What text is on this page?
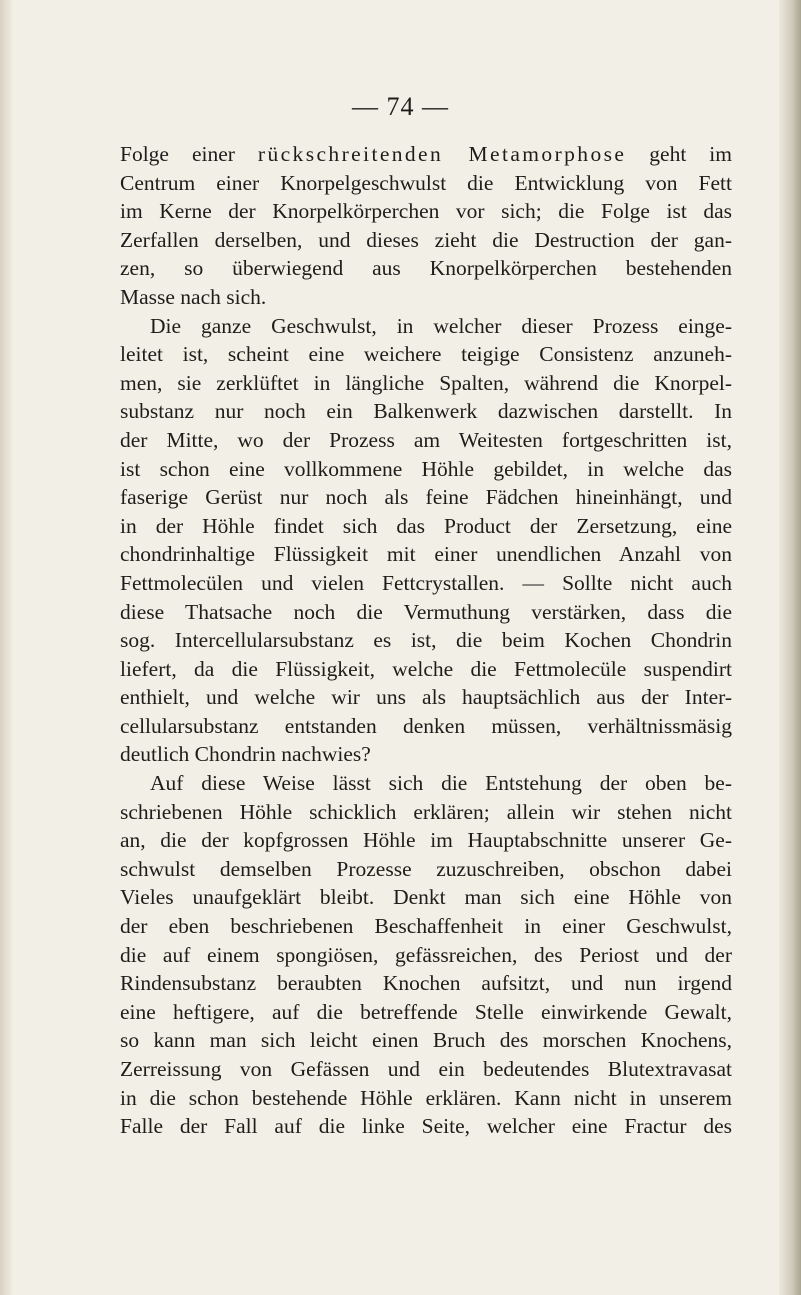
— 74 —
Folge einer rückschreitenden Metamorphose geht im
Centrum einer Knorpelgeschwulst die Entwicklung von Fett
im Kerne der Knorpelkörperchen vor sich; die Folge ist das
Zerfallen derselben, und dieses zieht die Destruction der gan-
zen, so überwiegend aus Knorpelkörperchen bestehenden
Masse nach sich.
Die ganze Geschwulst, in welcher dieser Prozess einge-
leitet ist, scheint eine weichere teigige Consistenz anzuneh-
men, sie zerklüftet in längliche Spalten, während die Knorpel-
substanz nur noch ein Balkenwerk dazwischen darstellt. In
der Mitte, wo der Prozess am Weitesten fortgeschritten ist,
ist schon eine vollkommene Höhle gebildet, in welche das
faserige Gerüst nur noch als feine Fädchen hineinhängt, und
in der Höhle findet sich das Product der Zersetzung, eine
chondrinhaltige Flüssigkeit mit einer unendlichen Anzahl von
Fettmolecülen und vielen Fettcrystallen. — Sollte nicht auch
diese Thatsache noch die Vermuthung verstärken, dass die
sog. Intercellularsubstanz es ist, die beim Kochen Chondrin
liefert, da die Flüssigkeit, welche die Fettmolecüle suspendirt
enthielt, und welche wir uns als hauptsächlich aus der Inter-
cellularsubstanz entstanden denken müssen, verhältnissmäsig
deutlich Chondrin nachwies?
Auf diese Weise lässt sich die Entstehung der oben be-
schriebenen Höhle schicklich erklären; allein wir stehen nicht
an, die der kopfgrossen Höhle im Hauptabschnitte unserer Ge-
schwulst demselben Prozesse zuzuschreiben, obschon dabei
Vieles unaufgeklärt bleibt. Denkt man sich eine Höhle von
der eben beschriebenen Beschaffenheit in einer Geschwulst,
die auf einem spongiösen, gefässreichen, des Periost und der
Rindensubstanz beraubten Knochen aufsitzt, und nun irgend
eine heftigere, auf die betreffende Stelle einwirkende Gewalt,
so kann man sich leicht einen Bruch des morschen Knochens,
Zerreissung von Gefässen und ein bedeutendes Blutextravasat
in die schon bestehende Höhle erklären. Kann nicht in unserem
Falle der Fall auf die linke Seite, welcher eine Fractur des
